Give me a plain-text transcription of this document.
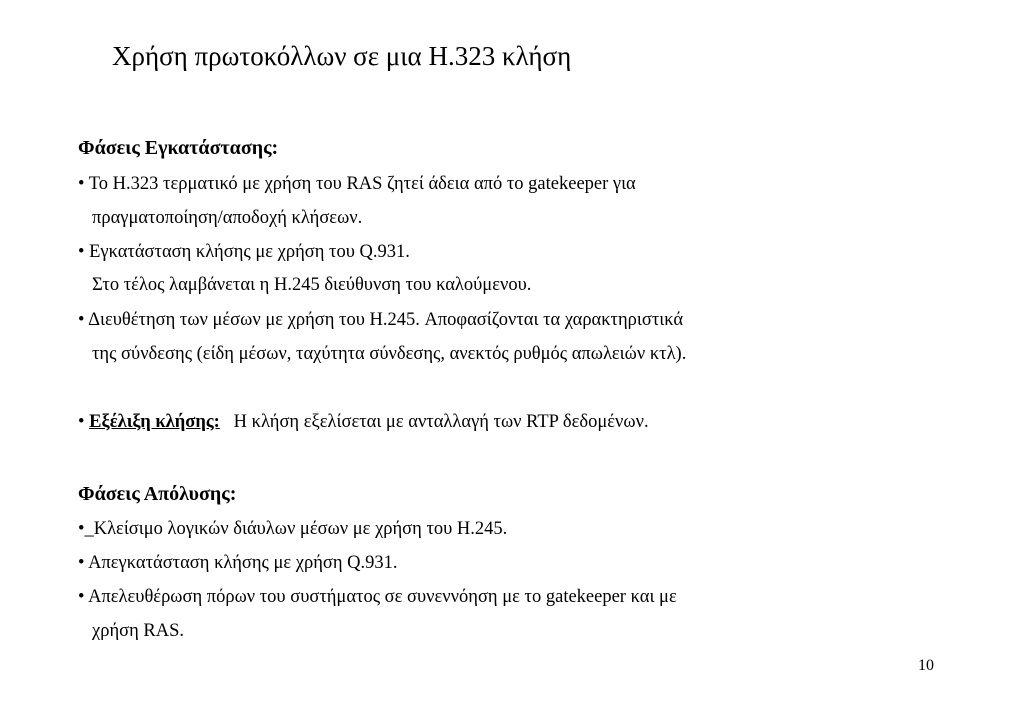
Χρήση πρωτοκόλλων σε μια H.323 κλήση
Φάσεις Εγκατάστασης:
• Το H.323 τερματικό με χρήση του RAS ζητεί άδεια από το gatekeeper για
πραγματοποίηση/αποδοχή κλήσεων.
• Εγκατάσταση κλήσης με χρήση του Q.931.
Στο τέλος λαμβάνεται η H.245 διεύθυνση του καλούμενου.
• Διευθέτηση των μέσων με χρήση του H.245. Αποφασίζονται τα χαρακτηριστικά
της σύνδεσης (είδη μέσων, ταχύτητα σύνδεσης, ανεκτός ρυθμός απωλειών κτλ).
• Εξέλιξη κλήσης: Η κλήση εξελίσεται με ανταλλαγή των RTP δεδομένων.
Φάσεις Απόλυσης:
•_Κλείσιμο λογικών διάυλων μέσων με χρήση του H.245.
• Απεγκατάσταση κλήσης με χρήση Q.931.
• Απελευθέρωση πόρων του συστήματος σε συνεννόηση με το gatekeeper και με
χρήση RAS.
10
